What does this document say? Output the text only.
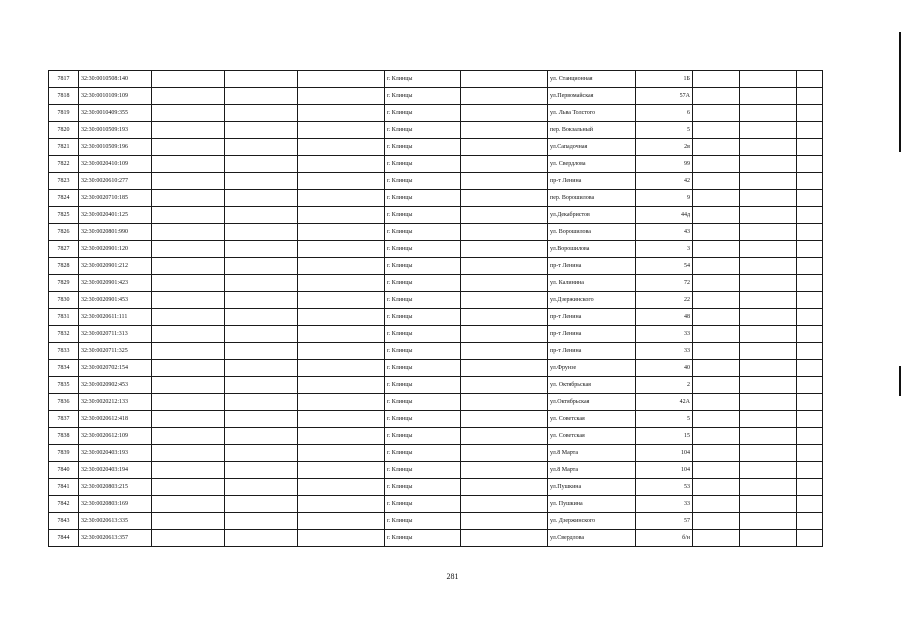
7817	32:30:0010508:140				г. Клинцы		ул. Станционная	1Б			
7818	32:30:0010109:109				г. Клинцы		ул.Первомайская	57А			
7819	32:30:0010409:355				г. Клинцы		ул. Льва Толстого	6			
7820	32:30:0010509:193				г. Клинцы		пер. Вокзальный	5			
7821	32:30:0010509:196				г. Клинцы		ул.Сападочная	2в			
7822	32:30:0020410:109				г. Клинцы		ул. Свердлова	99			
7823	32:30:0020610:277				г. Клинцы		пр-т Ленина	42			
7824	32:30:0020710:185				г. Клинцы		пер. Ворошилова	9			
7825	32:30:0020401:125				г. Клинцы		ул.Декабристов	44д			
7826	32:30:0020801:990				г. Клинцы		ул. Ворошилова	43			
7827	32:30:0020901:120				г. Клинцы		ул.Ворошилова	3			
7828	32:30:0020901:212				г. Клинцы		пр-т Ленина	54			
7829	32:30:0020901:423				г. Клинцы		ул. Калинина	72			
7830	32:30:0020901:453				г. Клинцы		ул.Дзержинского	22			
7831	32:30:0020611:111				г. Клинцы		пр-т Ленина	48			
7832	32:30:0020711:313				г. Клинцы		пр-т Ленина	33			
7833	32:30:0020711:325				г. Клинцы		пр-т Ленина	33			
7834	32:30:0020702:154				г. Клинцы		ул.Фрунзе	40			
7835	32:30:0020902:453				г. Клинцы		ул. Октябрьская	2			
7836	32:30:0020212:133				г. Клинцы		ул.Октябрьская	42А			
7837	32:30:0020612:418				г. Клинцы		ул. Советская	5			
7838	32:30:0020612:109				г. Клинцы		ул. Советская	15			
7839	32:30:0020403:193				г. Клинцы		ул.8 Марта	104			
7840	32:30:0020403:194				г. Клинцы		ул.8 Марта	104			
7841	32:30:0020803:215				г. Клинцы		ул.Пушкина	53			
7842	32:30:0020803:169				г. Клинцы		ул. Пушкина	33			
7843	32:30:0020613:335				г. Клинцы		ул. Дзержинского	57			
7844	32:30:0020613:357				г. Клинцы		ул.Свердлова	б/н			
281
